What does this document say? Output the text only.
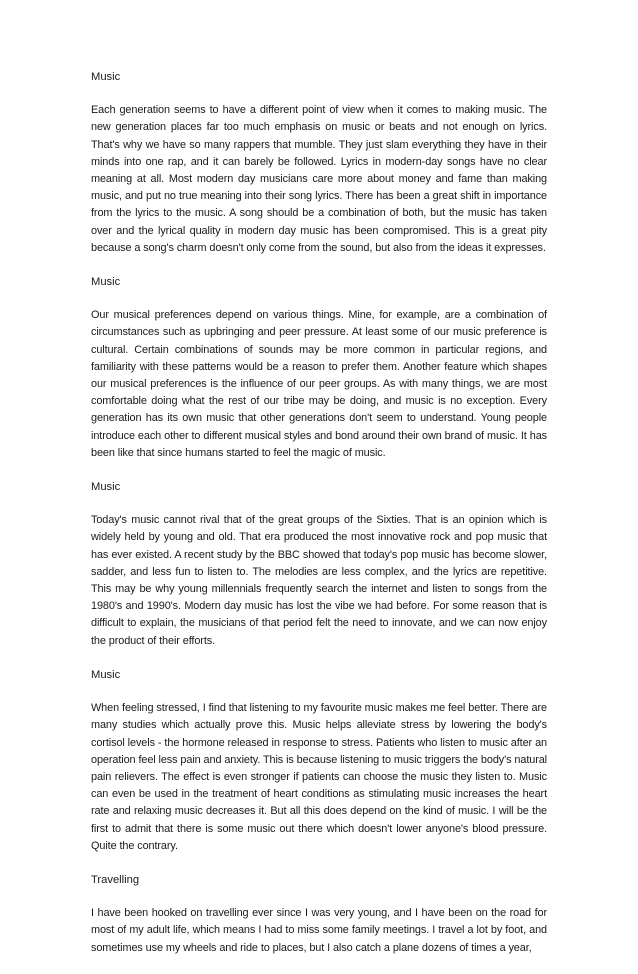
Music

Each generation seems to have a different point of view when it comes to making music. The new generation places far too much emphasis on music or beats and not enough on lyrics. That's why we have so many rappers that mumble. They just slam everything they have in their minds into one rap, and it can barely be followed. Lyrics in modern-day songs have no clear meaning at all. Most modern day musicians care more about money and fame than making music, and put no true meaning into their song lyrics. There has been a great shift in importance from the lyrics to the music. A song should be a combination of both, but the music has taken over and the lyrical quality in modern day music has been compromised. This is a great pity because a song's charm doesn't only come from the sound, but also from the ideas it expresses.

Music

Our musical preferences depend on various things. Mine, for example, are a combination of circumstances such as upbringing and peer pressure. At least some of our music preference is cultural. Certain combinations of sounds may be more common in particular regions, and familiarity with these patterns would be a reason to prefer them. Another feature which shapes our musical preferences is the influence of our peer groups. As with many things, we are most comfortable doing what the rest of our tribe may be doing, and music is no exception. Every generation has its own music that other generations don't seem to understand. Young people introduce each other to different musical styles and bond around their own brand of music. It has been like that since humans started to feel the magic of music.

Music

Today's music cannot rival that of the great groups of the Sixties. That is an opinion which is widely held by young and old. That era produced the most innovative rock and pop music that has ever existed. A recent study by the BBC showed that today's pop music has become slower, sadder, and less fun to listen to. The melodies are less complex, and the lyrics are repetitive. This may be why young millennials frequently search the internet and listen to songs from the 1980's and 1990's. Modern day music has lost the vibe we had before. For some reason that is difficult to explain, the musicians of that period felt the need to innovate, and we can now enjoy the product of their efforts.

Music

When feeling stressed, I find that listening to my favourite music makes me feel better. There are many studies which actually prove this. Music helps alleviate stress by lowering the body's cortisol levels - the hormone released in response to stress. Patients who listen to music after an operation feel less pain and anxiety. This is because listening to music triggers the body's natural pain relievers. The effect is even stronger if patients can choose the music they listen to. Music can even be used in the treatment of heart conditions as stimulating music increases the heart rate and relaxing music decreases it. But all this does depend on the kind of music. I will be the first to admit that there is some music out there which doesn't lower anyone's blood pressure. Quite the contrary.

Travelling

I have been hooked on travelling ever since I was very young, and I have been on the road for most of my adult life, which means I had to miss some family meetings. I travel a lot by foot, and sometimes use my wheels and ride to places, but I also catch a plane dozens of times a year,
